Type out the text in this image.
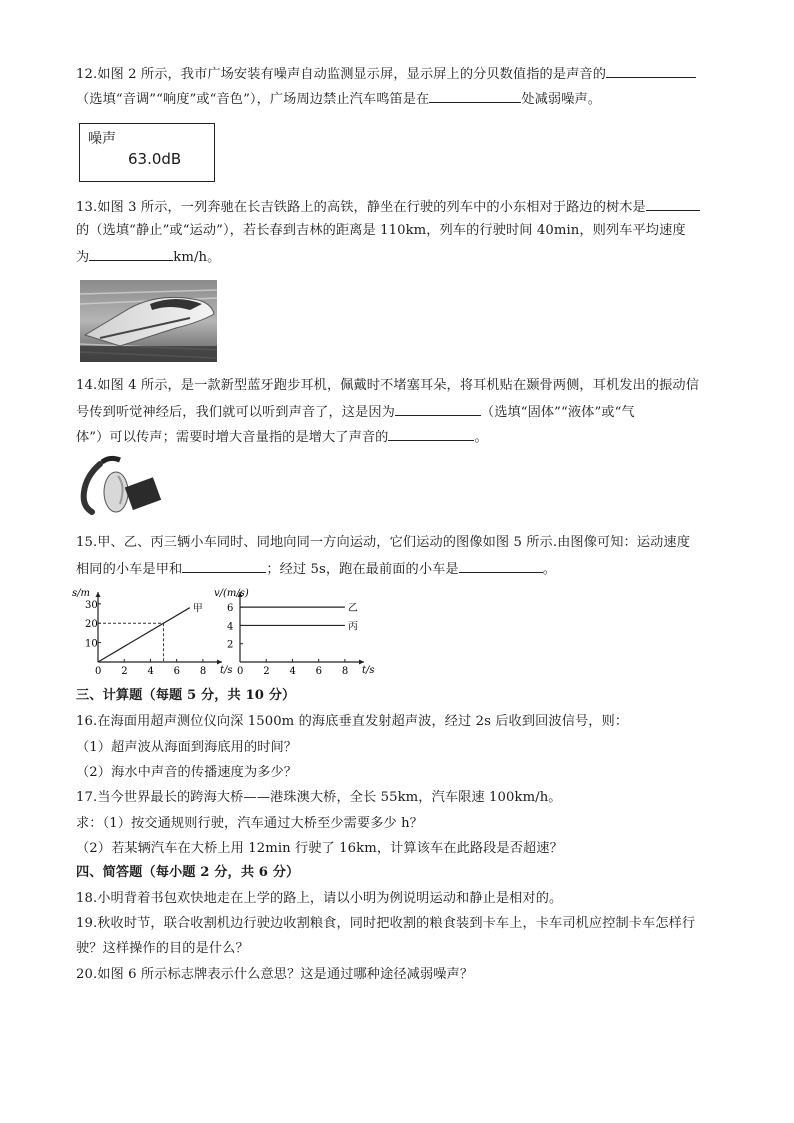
12.如图 2 所示，我市广场安装有噪声自动监测显示屏，显示屏上的分贝数值指的是声音的
（选填“音调”“响度”或“音色”），广场周边禁止汽车鸣笛是在	处减弱噪声。
噪声
63.0dB
13.如图 3 所示，一列奔驰在长吉铁路上的高铁，静坐在行驶的列车中的小东相对于路边的树木是
的（选填“静止”或“运动”），若长春到吉林的距离是 110km，列车的行驶时间 40min，则列车平均速度
为	km/h。
14.如图 4 所示，是一款新型蓝牙跑步耳机，佩戴时不堵塞耳朵，将耳机贴在颞骨两侧，耳机发出的振动信
号传到听觉神经后，我们就可以听到声音了，这是因为	（选填“固体”“液体”或“气
体”）可以传声；需要时增大音量指的是增大了声音的	。
15.甲、乙、丙三辆小车同时、同地向同一方向运动，它们运动的图像如图 5 所示.由图像可知：运动速度
相同的小车是甲和	；经过 5s，跑在最前面的小车是	。
s/m
t/s
0 2 4 6 8
10
20
30	甲
v/(m/s)
t/s
0 2 4 6 8
2
4
6	乙
丙
三、计算题（每题 5 分，共 10 分）
16.在海面用超声测位仪向深 1500m 的海底垂直发射超声波，经过 2s 后收到回波信号，则：
（1）超声波从海面到海底用的时间？
（2）海水中声音的传播速度为多少？
17.当今世界最长的跨海大桥——港珠澳大桥，全长 55km，汽车限速 100km/h。
求：（1）按交通规则行驶，汽车通过大桥至少需要多少 h？
（2）若某辆汽车在大桥上用 12min 行驶了 16km，计算该车在此路段是否超速？
四、简答题（每小题 2 分，共 6 分）
18.小明背着书包欢快地走在上学的路上，请以小明为例说明运动和静止是相对的。
19.秋收时节，联合收割机边行驶边收割粮食，同时把收割的粮食装到卡车上，卡车司机应控制卡车怎样行
驶？这样操作的目的是什么？
20.如图 6 所示标志牌表示什么意思？这是通过哪种途径减弱噪声？
